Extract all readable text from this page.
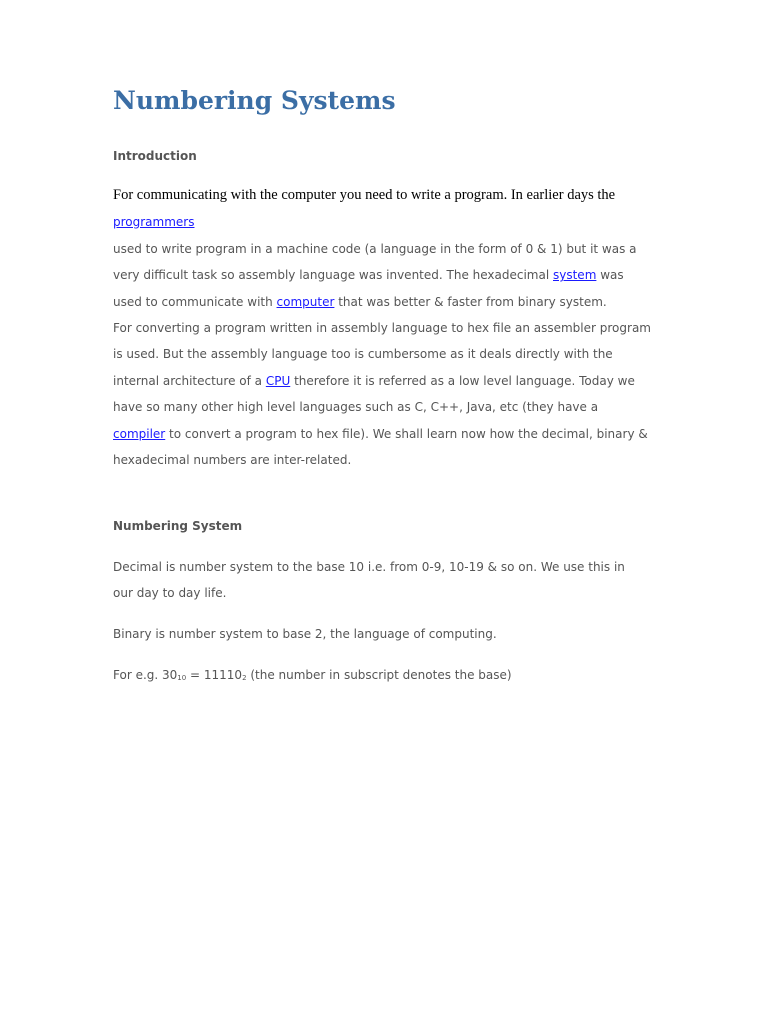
Numbering Systems
Introduction

For communicating with the computer you need to write a program. In earlier days the

programmers
used to write program in a machine code (a language in the form of 0 & 1) but it was a
very difficult task so assembly language was invented. The hexadecimal system was
used to communicate with computer that was better & faster from binary system.
For converting a program written in assembly language to hex file an assembler program
is used. But the assembly language too is cumbersome as it deals directly with the
internal architecture of a CPU therefore it is referred as a low level language. Today we
have so many other high level languages such as C, C++, Java, etc (they have a
compiler to convert a program to hex file). We shall learn now how the decimal, binary &
hexadecimal numbers are inter-related.
Numbering System
Decimal is number system to the base 10 i.e. from 0-9, 10-19 & so on. We use this in
our day to day life.
Binary is number system to base 2, the language of computing.
For e.g. 3010 = 111102 (the number in subscript denotes the base)
